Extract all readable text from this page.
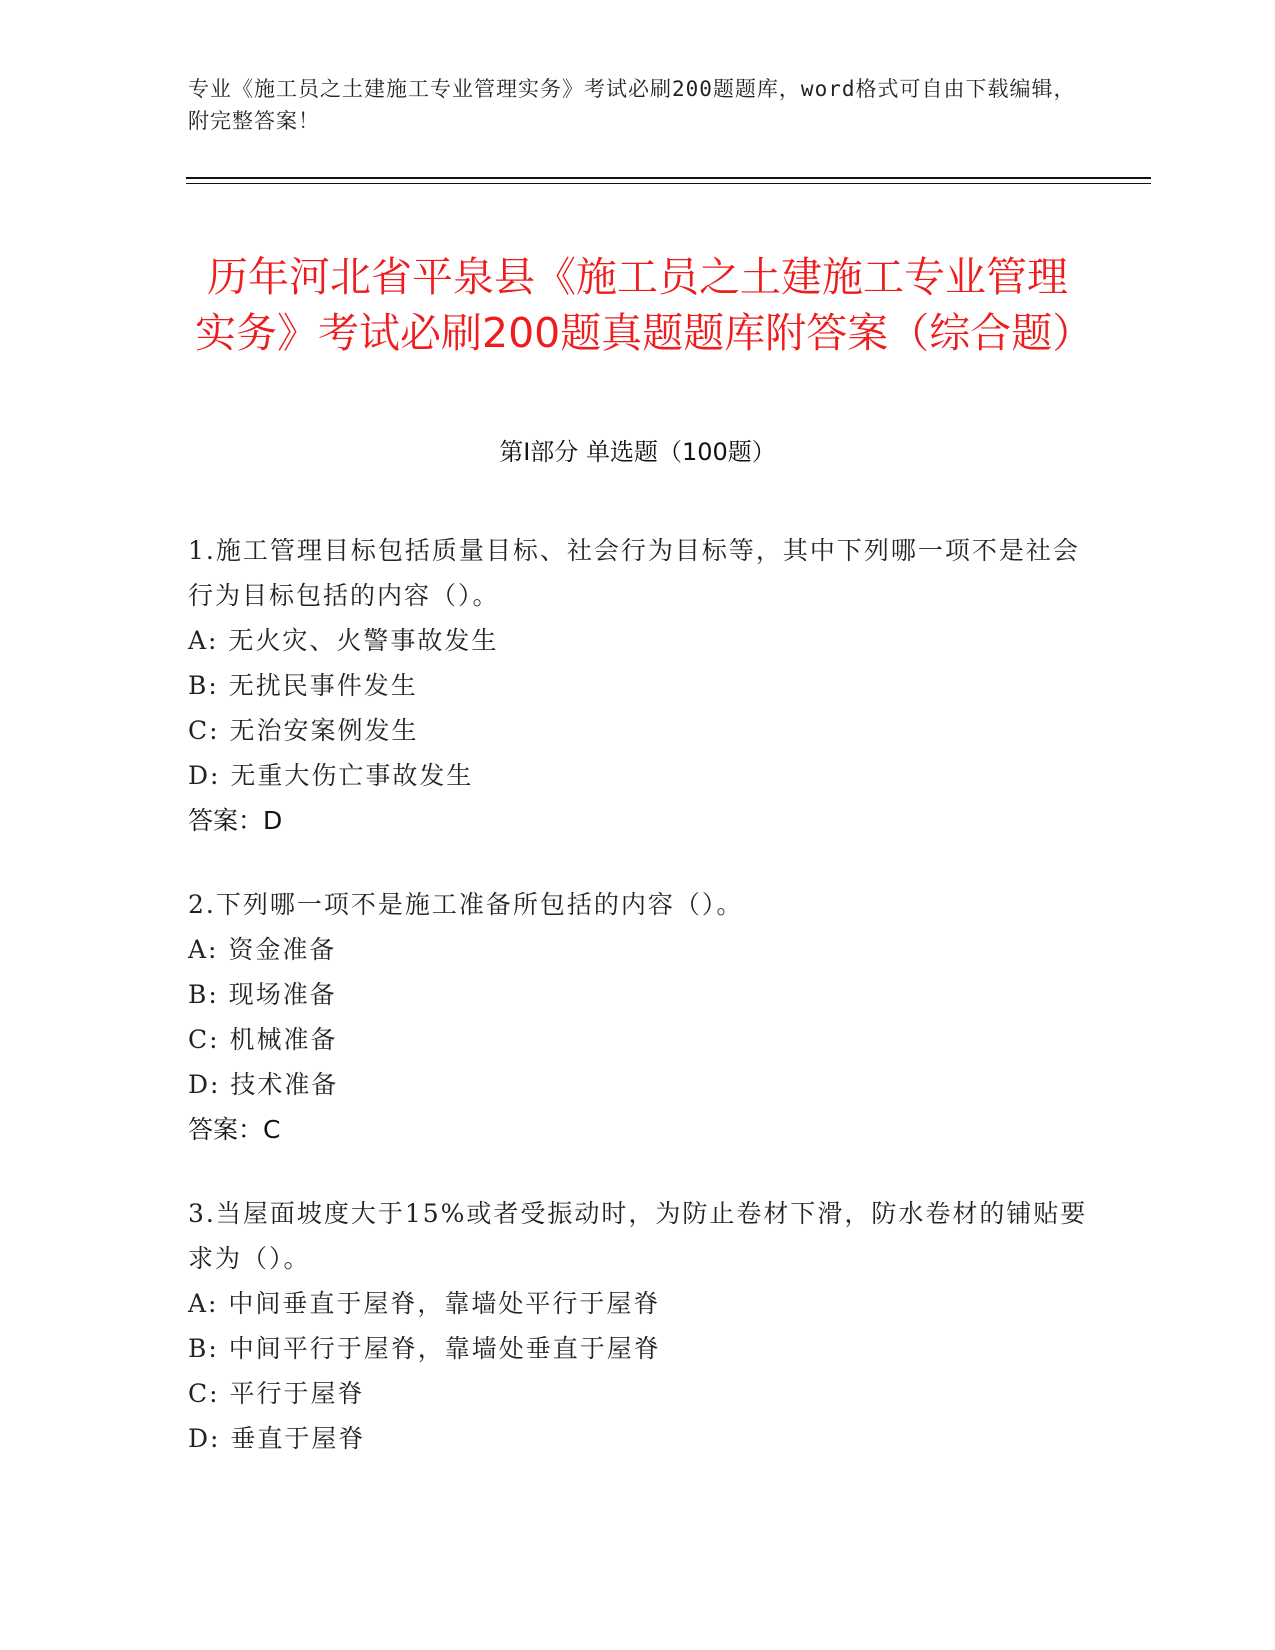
专业《施工员之土建施工专业管理实务》考试必刷200题题库，word格式可自由下载编辑，附完整答案！
历年河北省平泉县《施工员之土建施工专业管理实务》考试必刷200题真题题库附答案（综合题）
第Ⅰ部分 单选题（100题）
1.施工管理目标包括质量目标、社会行为目标等，其中下列哪一项不是社会行为目标包括的内容（）。
A: 无火灾、火警事故发生
B: 无扰民事件发生
C: 无治安案例发生
D: 无重大伤亡事故发生
答案：D
2.下列哪一项不是施工准备所包括的内容（）。
A: 资金准备
B: 现场准备
C: 机械准备
D: 技术准备
答案：C
3.当屋面坡度大于15%或者受振动时，为防止卷材下滑，防水卷材的铺贴要求为（）。
A: 中间垂直于屋脊，靠墙处平行于屋脊
B: 中间平行于屋脊，靠墙处垂直于屋脊
C: 平行于屋脊
D: 垂直于屋脊
